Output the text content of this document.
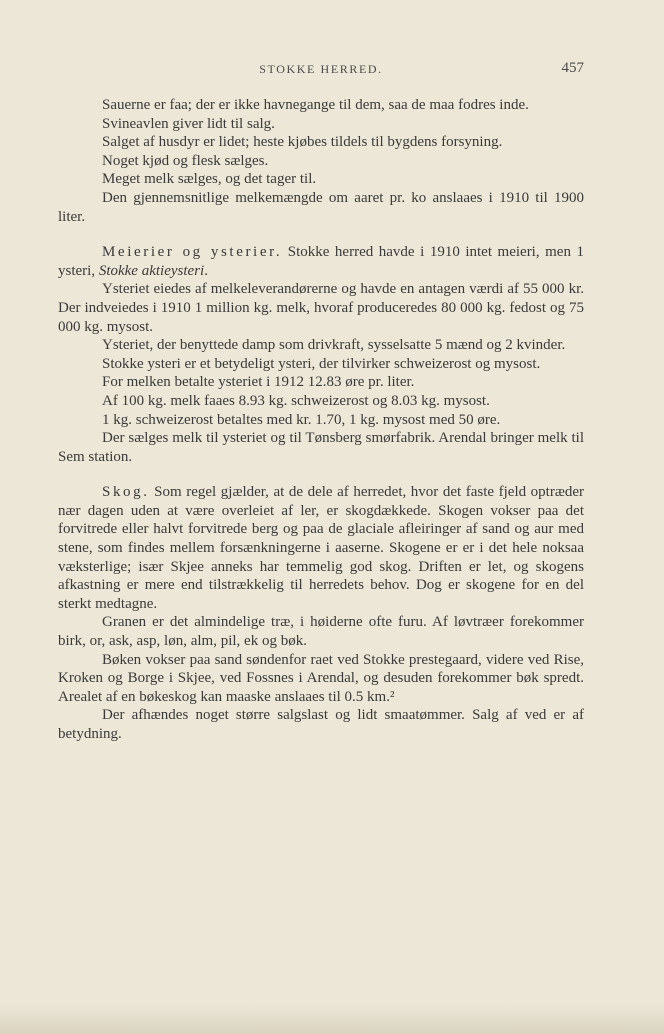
STOKKE HERRED.	457

Sauerne er faa; der er ikke havnegange til dem, saa de maa fodres inde.

Svineavlen giver lidt til salg.

Salget af husdyr er lidet; heste kjøbes tildels til bygdens forsyning.

Noget kjød og flesk sælges.

Meget melk sælges, og det tager til.

Den gjennemsnitlige melkemængde om aaret pr. ko anslaaes i 1910 til 1900 liter.

Meierier og ysterier. Stokke herred havde i 1910 intet meieri, men 1 ysteri, Stokke aktieysteri.

Ysteriet eiedes af melkeleverandørerne og havde en antagen værdi af 55 000 kr. Der indveiedes i 1910 1 million kg. melk, hvoraf produceredes 80 000 kg. fedost og 75 000 kg. mysost.

Ysteriet, der benyttede damp som drivkraft, sysselsatte 5 mænd og 2 kvinder.

Stokke ysteri er et betydeligt ysteri, der tilvirker schweizerost og mysost.

For melken betalte ysteriet i 1912 12.83 øre pr. liter.

Af 100 kg. melk faaes 8.93 kg. schweizerost og 8.03 kg. mysost.

1 kg. schweizerost betaltes med kr. 1.70, 1 kg. mysost med 50 øre.

Der sælges melk til ysteriet og til Tønsberg smørfabrik. Arendal bringer melk til Sem station.

Skog. Som regel gjælder, at de dele af herredet, hvor det faste fjeld optræder nær dagen uden at være overleiet af ler, er skogdækkede. Skogen vokser paa det forvitrede eller halvt forvitrede berg og paa de glaciale afleiringer af sand og aur med stene, som findes mellem forsænkningerne i aaserne. Skogene er er i det hele noksaa væksterlige; især Skjee anneks har temmelig god skog. Driften er let, og skogens afkastning er mere end tilstrækkelig til herredets behov. Dog er skogene for en del sterkt medtagne.

Granen er det almindelige træ, i høiderne ofte furu. Af løvtræer forekommer birk, or, ask, asp, løn, alm, pil, ek og bøk.

Bøken vokser paa sand søndenfor raet ved Stokke prestegaard, videre ved Rise, Kroken og Borge i Skjee, ved Fossnes i Arendal, og desuden forekommer bøk spredt. Arealet af en bøkeskog kan maaske anslaaes til 0.5 km.²

Der afhændes noget større salgslast og lidt smaatømmer. Salg af ved er af betydning.
